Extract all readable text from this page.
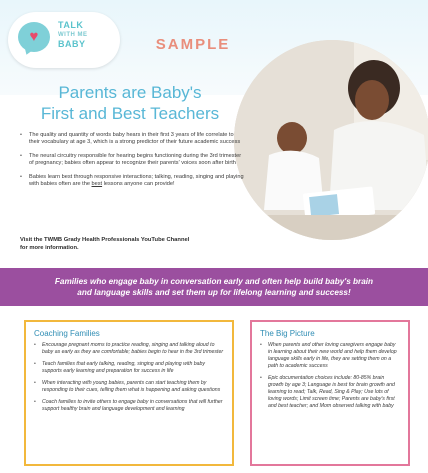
♥
TALK
WITH ME
BABY	SAMPLE
Parents are Baby's
First and Best Teachers
• The quality and quantity of words baby hears in their first 3 years of life correlate to their vocabulary at age 3, which is a strong predictor of their future academic success
• The neural circuitry responsible for hearing begins functioning during the 3rd trimester of pregnancy; babies often appear to recognize their parents' voices soon after birth
• Babies learn best through responsive interactions; talking, reading, singing and playing with babies often are the best lessons anyone can provide!
Visit the TWMB Grady Health Professionals YouTube Channel
for more information.
Families who engage baby in conversation early and often help build baby's brain
and language skills and set them up for lifelong learning and success!
Coaching Families
• Encourage pregnant moms to practice reading, singing and talking aloud to baby as early as they are comfortable; babies begin to hear in the 3rd trimester
• Teach families that early talking, reading, singing and playing with baby supports early learning and preparation for success in life
• When interacting with young babies, parents can start teaching them by responding to their cues, telling them what is happening and asking questions
• Coach families to invite others to engage baby in conversations that will further support healthy brain and language development and learning
The Big Picture
• When parents and other loving caregivers engage baby in learning about their new world and help them develop language skills early in life, they are setting them on a path to academic success
• Epic documentation choices include: 80-85% brain growth by age 3; Language is best for brain growth and learning to read; Talk, Read, Sing & Play; Use lots of loving words; Limit screen time; Parents are baby's first and best teacher; and Mom observed talking with baby
